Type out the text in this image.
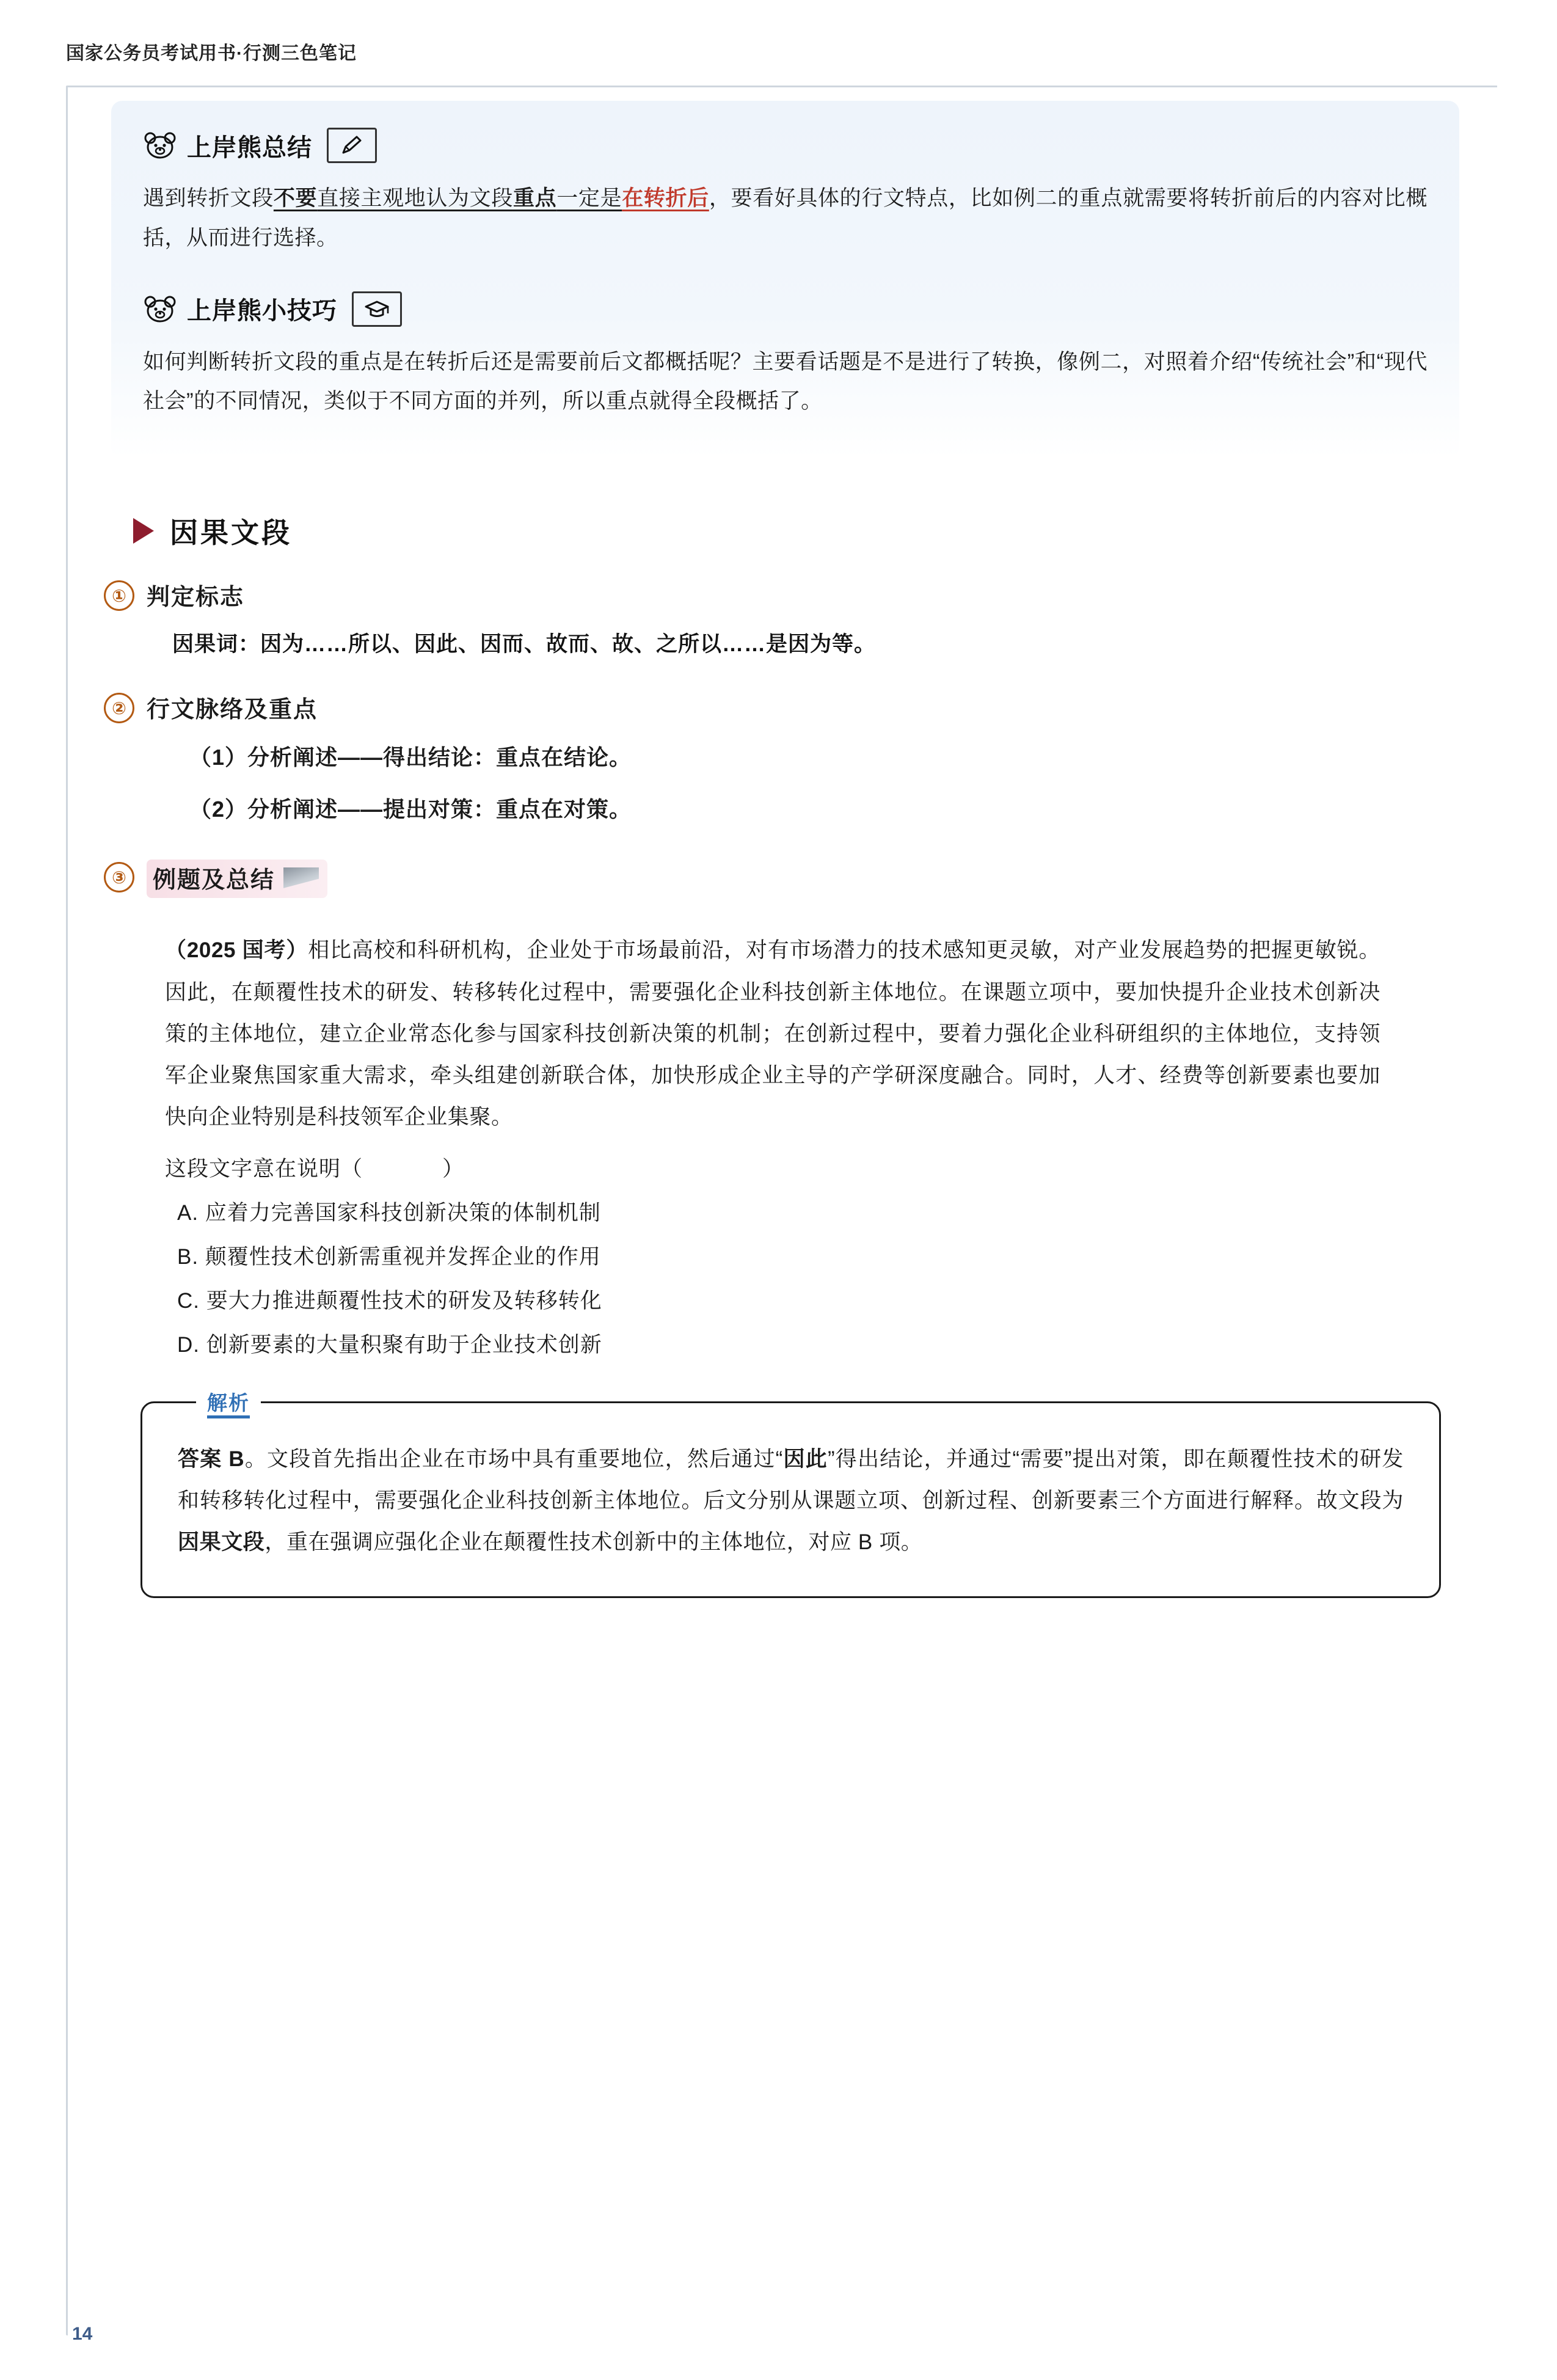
国家公务员考试用书·行测三色笔记
上岸熊总结
遇到转折文段不要直接主观地认为文段重点一定是在转折后，要看好具体的行文特点，比如例二的重点就需要将转折前后的内容对比概括，从而进行选择。
上岸熊小技巧
如何判断转折文段的重点是在转折后还是需要前后文都概括呢？主要看话题是不是进行了转换，像例二，对照着介绍“传统社会”和“现代社会”的不同情况，类似于不同方面的并列，所以重点就得全段概括了。
因果文段
① 判定标志
因果词：因为……所以、因此、因而、故而、故、之所以……是因为等。
② 行文脉络及重点
（1）分析阐述——得出结论：重点在结论。
（2）分析阐述——提出对策：重点在对策。
③	例题及总结
（2025 国考）相比高校和科研机构，企业处于市场最前沿，对有市场潜力的技术感知更灵敏，对产业发展趋势的把握更敏锐。因此，在颠覆性技术的研发、转移转化过程中，需要强化企业科技创新主体地位。在课题立项中，要加快提升企业技术创新决策的主体地位，建立企业常态化参与国家科技创新决策的机制；在创新过程中，要着力强化企业科研组织的主体地位，支持领军企业聚焦国家重大需求，牵头组建创新联合体，加快形成企业主导的产学研深度融合。同时，人才、经费等创新要素也要加快向企业特别是科技领军企业集聚。
这段文字意在说明（	）
A. 应着力完善国家科技创新决策的体制机制
B. 颠覆性技术创新需重视并发挥企业的作用
C. 要大力推进颠覆性技术的研发及转移转化
D. 创新要素的大量积聚有助于企业技术创新
解析
答案 B。文段首先指出企业在市场中具有重要地位，然后通过“因此”得出结论，并通过“需要”提出对策，即在颠覆性技术的研发和转移转化过程中，需要强化企业科技创新主体地位。后文分别从课题立项、创新过程、创新要素三个方面进行解释。故文段为因果文段，重在强调应强化企业在颠覆性技术创新中的主体地位，对应 B 项。
14
